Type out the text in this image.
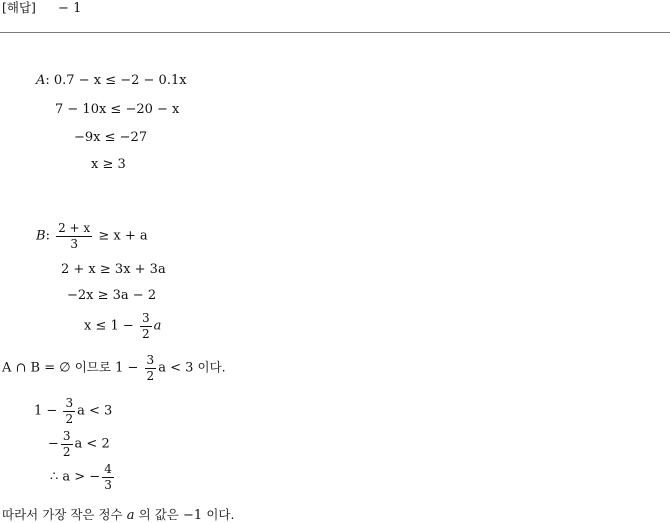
[해답] − 1
A: 0.7 − x ≤ −2 − 0.1x
7 − 10x ≤ −20 − x
−9x ≤ −27
x ≥ 3
B: $\frac{2 + x}{3} \ge x + a$
2 + x ≥ 3x + 3a
−2x ≥ 3a − 2
$x \le 1 - \frac{3}{2}$ a
A ∩ B = ∅ 이므로 $1 - \frac{3}{2}$ a < 3 이다.
$1 - \frac{3}{2}$ a < 3
− $\frac{3}{2}$ a < 2
∴ a > − $\frac{4}{3}$
따라서 가장 작은 정수 a 의 값은 −1 이다.
